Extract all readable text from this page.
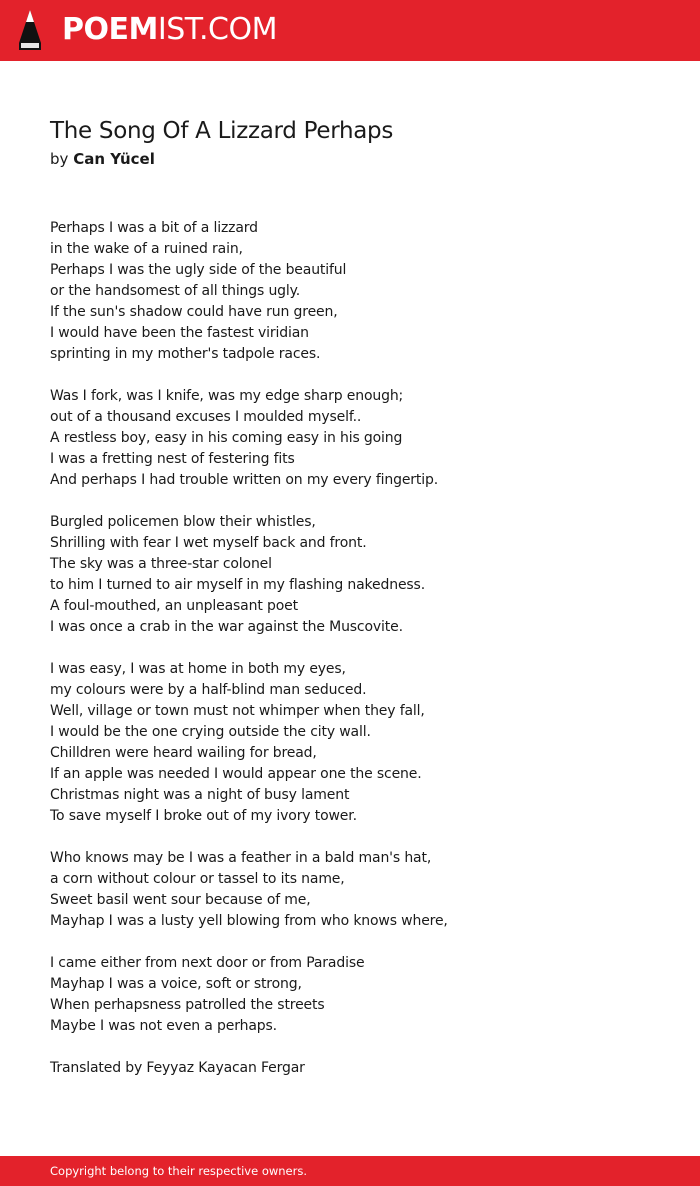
POEMIST.COM
The Song Of A Lizzard Perhaps
by Can Yücel
Perhaps I was a bit of a lizzard
in the wake of a ruined rain,
Perhaps I was the ugly side of the beautiful
or the handsomest of all things ugly.
If the sun's shadow could have run green,
I would have been the fastest viridian
sprinting in my mother's tadpole races.
Was I fork, was I knife, was my edge sharp enough;
out of a thousand excuses I moulded myself..
A restless boy, easy in his coming easy in his going
I was a fretting nest of festering fits
And perhaps I had trouble written on my every fingertip.
Burgled policemen blow their whistles,
Shrilling with fear I wet myself back and front.
The sky was a three-star colonel
to him I turned to air myself in my flashing nakedness.
A foul-mouthed, an unpleasant poet
I was once a crab in the war against the Muscovite.
I was easy, I was at home in both my eyes,
my colours were by a half-blind man seduced.
Well, village or town must not whimper when they fall,
I would be the one crying outside the city wall.
Chilldren were heard wailing for bread,
If an apple was needed I would appear one the scene.
Christmas night was a night of busy lament
To save myself I broke out of my ivory tower.
Who knows may be I was a feather in a bald man's hat,
a corn without colour or tassel to its name,
Sweet basil went sour because of me,
Mayhap I was a lusty yell blowing from who knows where,
I came either from next door or from Paradise
Mayhap I was a voice, soft or strong,
When perhapsness patrolled the streets
Maybe I was not even a perhaps.
Translated by Feyyaz Kayacan Fergar
Copyright belong to their respective owners.
